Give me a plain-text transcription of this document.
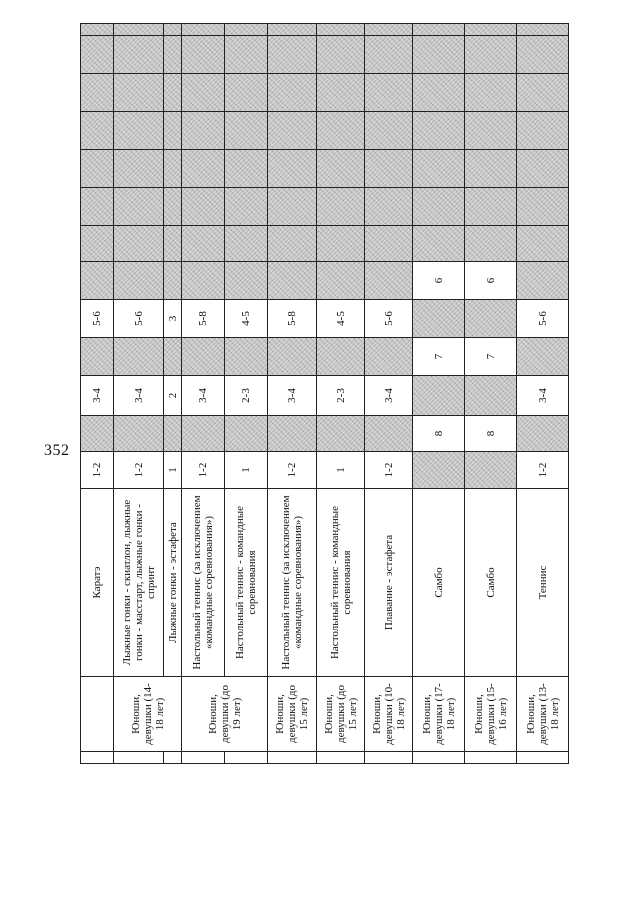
352
		Каратэ	1-2		3-4		5-6									
	Юноши, девушки (14-18 лет)	Лыжные гонки - скиатлон, лыжные гонки - масстарт, лыжные гонки - спринт	1-2		3-4		5-6									
		Лыжные гонки - эстафета	1		2		3									
	Юноши, девушки (до 19 лет)	Настольный теннис (за исключением «командные соревнования»)	1-2		3-4		5-8									
		Настольный теннис - командные соревнования	1		2-3		4-5									
	Юноши, девушки (до 15 лет)	Настольный теннис (за исключением «командные соревнования»)	1-2		3-4		5-8									
	Юноши, девушки (до 15 лет)	Настольный теннис - командные соревнования	1		2-3		4-5									
	Юноши, девушки (10-18 лет)	Плавание - эстафета	1-2		3-4		5-6									
	Юноши, девушки (17-18 лет)	Самбо		8		7		6								
	Юноши, девушки (15-16 лет)	Самбо		8		7		6								
	Юноши, девушки (13-18 лет)	Теннис	1-2		3-4		5-6									
